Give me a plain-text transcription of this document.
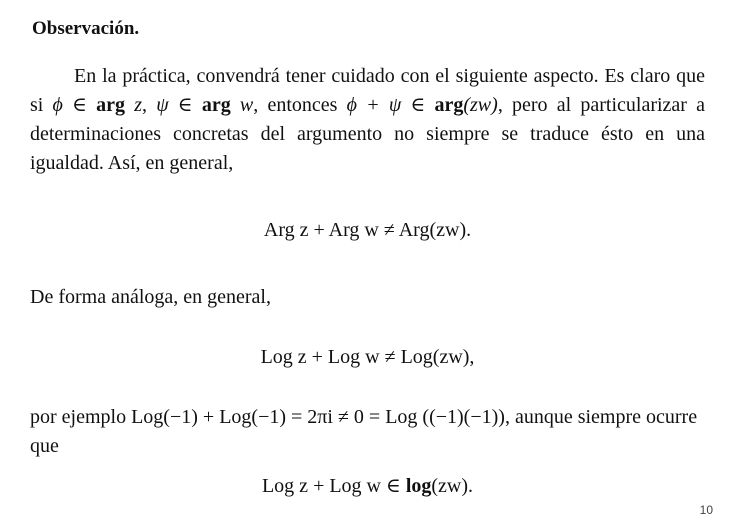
Observación.
En la práctica, convendrá tener cuidado con el siguiente aspecto. Es claro que si ϕ ∈ arg z, ψ ∈ arg w, entonces ϕ + ψ ∈ arg(zw), pero al particularizar a determinaciones concretas del argumento no siempre se traduce ésto en una igualdad. Así, en general,
Arg z + Arg w ≠ Arg(zw).
De forma análoga, en general,
Log z + Log w ≠ Log(zw),
por ejemplo Log(−1) + Log(−1) = 2πi ≠ 0 = Log ((−1)(−1)), aunque siempre ocurre que
Log z + Log w ∈ log(zw).
10
